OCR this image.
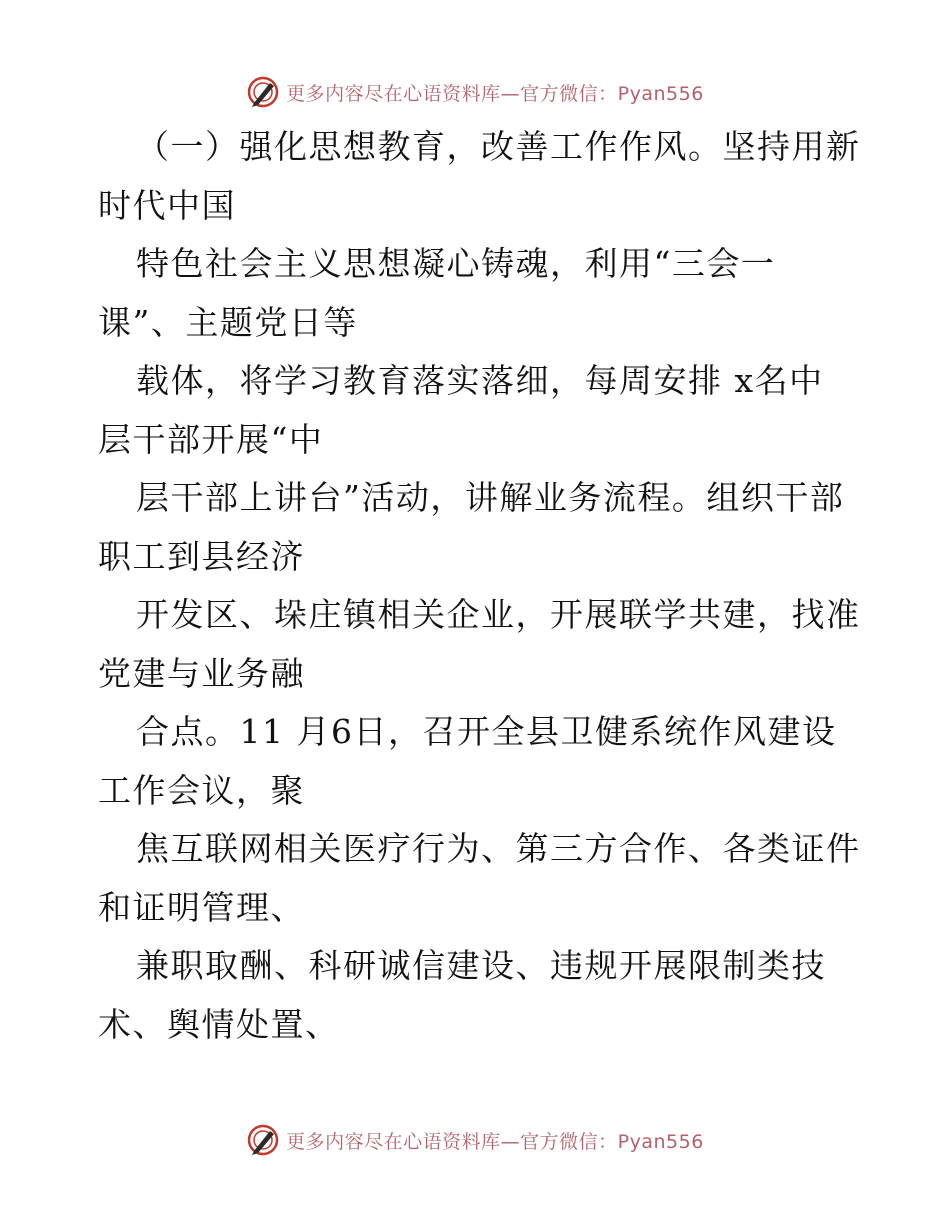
更多内容尽在心语资料库—官方微信：Pyan556
（一）强化思想教育，改善工作作风。坚持用新
时代中国
特色社会主义思想凝心铸魂，利用“三会一
课”、主题党日等
载体，将学习教育落实落细，每周安排 x名中
层干部开展“中
层干部上讲台”活动，讲解业务流程。组织干部
职工到县经济
开发区、垛庄镇相关企业，开展联学共建，找准
党建与业务融
合点。11 月6日，召开全县卫健系统作风建设
工作会议，聚
焦互联网相关医疗行为、第三方合作、各类证件
和证明管理、
兼职取酬、科研诚信建设、违规开展限制类技
术、舆情处置、
更多内容尽在心语资料库—官方微信：Pyan556
